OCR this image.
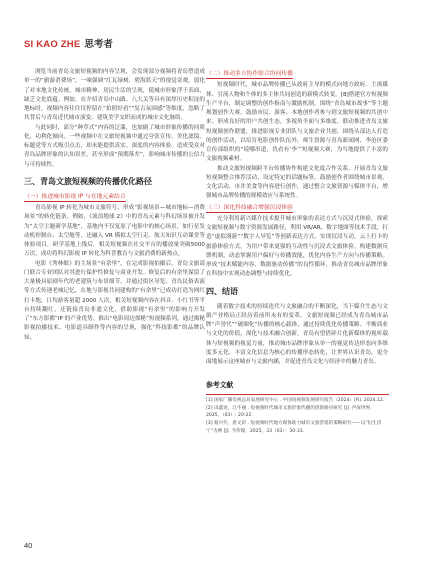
SI KAO ZHE 思考者

浏览当前青岛文旅短视频的内容呈现，会发现部分视频将青岛塑造成单一的“旅游消费场”，一味强调“红瓦绿树，碧海蓝天”的视觉奇观，弱化了对本地文化传统、城市精神、居民生活的呈现，使城市形象浮于表面，缺乏文化底蕴。例如，在介绍青岛中山路、八大关等具有深厚历史积淀的地标时，视频内容往往仅停留在“拍照好看”“复古氛围感”等维度，忽略了其背后与青岛近代城市演变、建筑美学交织而成的城市文化脉络。

与此同时，部分“种草式”内容的泛滥，也加剧了城市形象传播的同质化、功利化倾向。一些视频中在文旅短视频中通过夸张宣传、美化滤镜、标题党等方式吸引点击，却未能提供真实、深度的内容体验，造成受众对青岛品牌形象的认知误差，甚至形成“预期落差”，影响城市传播的公信力与可持续性。

三、青岛文旅短视频的传播优化路径
（一）推进城市影视 IP 与在地元素结合

青岛影视 IP 转化为城市文旅符号，形成“影视场景—城市地标—消费场景”的转化链条。例如，《流浪地球 2》中的青岛元素与科幻场景被开发为“太空主题研学基地”，基地内不仅复原了电影中的核心场景，如行星发动机控制台、太空舱等，还融入 VR 模拟太空行走、航天知识互动课堂等体验项目，研学基地上线后，相关短视频在社交平台的播放量突破5000 万次，成功将科幻影视 IP 转化为科普教育与文旅消费的新热点。

电影《秀林娘》的主场景“有余里”，在完成影视拍摄后，青岛文旅部门联合专业团队对其进行保护性修复与商业开发。修复后的有余里保留了大量极具原剧年代的老建筑与布景细节，并通过街区导览、青岛民俗表演等方式传递老城记忆，在地与影视共同建构的“有余里”已成功打造为网红打卡地，日均游客量超 2000 人次，相关短视频内容在抖音、小红书等平台持续翻红，还链接青岛非遗文化，借助影视“有余里”的影响力开发了“东方影都”IP 的产业优势，推出“电影周边探秘”短视频系列，通过揭秘影视拍摄技术、电影道具制作等内容的呈现，强化“科技影都”的品牌认知。

（二）推动多方协作联合协同传播

短视频时代，城市品牌传播已从政府主导的模式向地方政府、主流媒体、引流人物和个体的多主体共同创造的新模式转变。[8]搭建官方短视频生产平台，制定调整的创作指南与激励机制，围绕“青岛城市故事”等主题规划创作大赛，鼓励市民、游客、本地创作者参与到文旅短视频的共创中来。形成良好的用户共创生态，多视角全面与多维度、联动推进青岛文旅短视频创作联盟，推进影视专业团队与文旅企业共创，围绕头部达人打造的创作活动，以培育电影创作队伍外，师生资源与青岛新闻网、李沧区委宣传部组织的“说哪串道，仇看有‘李’”短视频大赛，为当地提供了丰富的文旅视频素材。

推动文旅短视频跨平台传播协作构建文化度合作关系。开展青岛文旅短视频整合推荐活动，设定特定的话题标签。鼓励创作者围绕城市景观、文化活动、市井美食等内容进行创作，通过整合文旅资源与媒体平台，增强城市品牌传播的规模效应与系统性。

（三）深化科技融合增强沉浸体验

充分利用新兴媒介技术提升城市形象的表达方式与沉浸式体验，探索文旅短视频与数字资源发展路径，利用 VR/AR、数字地图等技术手段，打造“虚拟漫游”“数字人导览”等创新表达方式，实现沉浸互动。云上打卡的旅游体验方式，为用户带来更强的互动性与沉浸式文旅体验。构建数据反馈机制，动态掌握用户偏好与传播效能，优化内容生产方向与传播策略。形成“技术赋能内容、数据驱动传播”的良性循环，推动青岛城市品牌形象在科技中实现动态调整与持续优化。

四、结语

随着数字技术的持续迭代与文旅融合的不断深化，当下媒介生态与文旅产业格局正经历着前所未有的变革。文旅短视频已经成为青岛城市品牌“声誉代”“破圈化”传播的核心载体，通过持续优化传播策略、平衡商业与文化的价值，深化与技术融合创新，青岛有望借碎片化新媒体的视听载体与短视频的视觉力量，推动城市品牌形象从单一的视觉传达形态向多维度多元化、丰富文化信息为核心的传播形态转化，让世界认识青岛，更全面地展示这座城市与文旅内涵，并促进青岛文化与经济中的魅力青岛。

参考文献
[1] 国家广播电视总局发展研究中心 . 中国短视频发展研究报告（2024）[R]. 2024.12.
[2] 田鑫述，江牛丽 . 短视频时代城市文旅形象传播的创新路径研究 [J]. 声屏世界，2025，（03）: 20-22.
[3] 蔡兴伶，唐文彩 . 短视频时代地方媒体助力城市文旅营销的策略研究——以“衍生济宁”为例 [J]. 今传媒，2025，33（03）：30-33.
40
